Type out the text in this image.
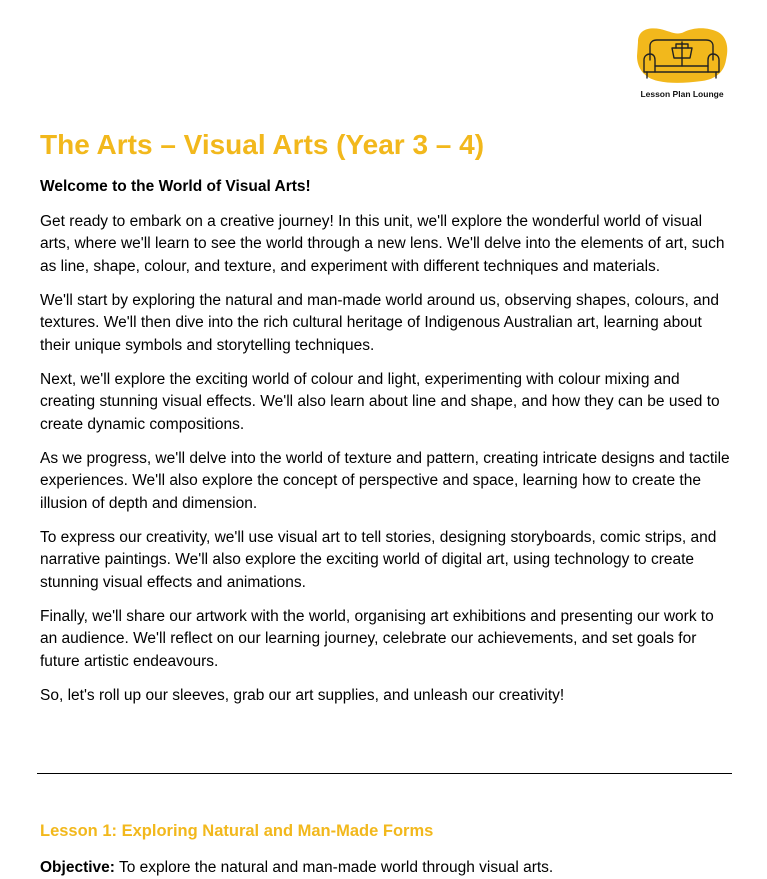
Lesson Plan Lounge
The Arts – Visual Arts (Year 3 – 4)

Welcome to the World of Visual Arts!

Get ready to embark on a creative journey! In this unit, we'll explore the wonderful world of visual arts, where we'll learn to see the world through a new lens. We'll delve into the elements of art, such as line, shape, colour, and texture, and experiment with different techniques and materials.

We'll start by exploring the natural and man-made world around us, observing shapes, colours, and textures. We'll then dive into the rich cultural heritage of Indigenous Australian art, learning about their unique symbols and storytelling techniques.

Next, we'll explore the exciting world of colour and light, experimenting with colour mixing and creating stunning visual effects. We'll also learn about line and shape, and how they can be used to create dynamic compositions.

As we progress, we'll delve into the world of texture and pattern, creating intricate designs and tactile experiences. We'll also explore the concept of perspective and space, learning how to create the illusion of depth and dimension.

To express our creativity, we'll use visual art to tell stories, designing storyboards, comic strips, and narrative paintings. We'll also explore the exciting world of digital art, using technology to create stunning visual effects and animations.

Finally, we'll share our artwork with the world, organising art exhibitions and presenting our work to an audience. We'll reflect on our learning journey, celebrate our achievements, and set goals for future artistic endeavours.

So, let's roll up our sleeves, grab our art supplies, and unleash our creativity!

Lesson 1: Exploring Natural and Man-Made Forms

Objective: To explore the natural and man-made world through visual arts.
